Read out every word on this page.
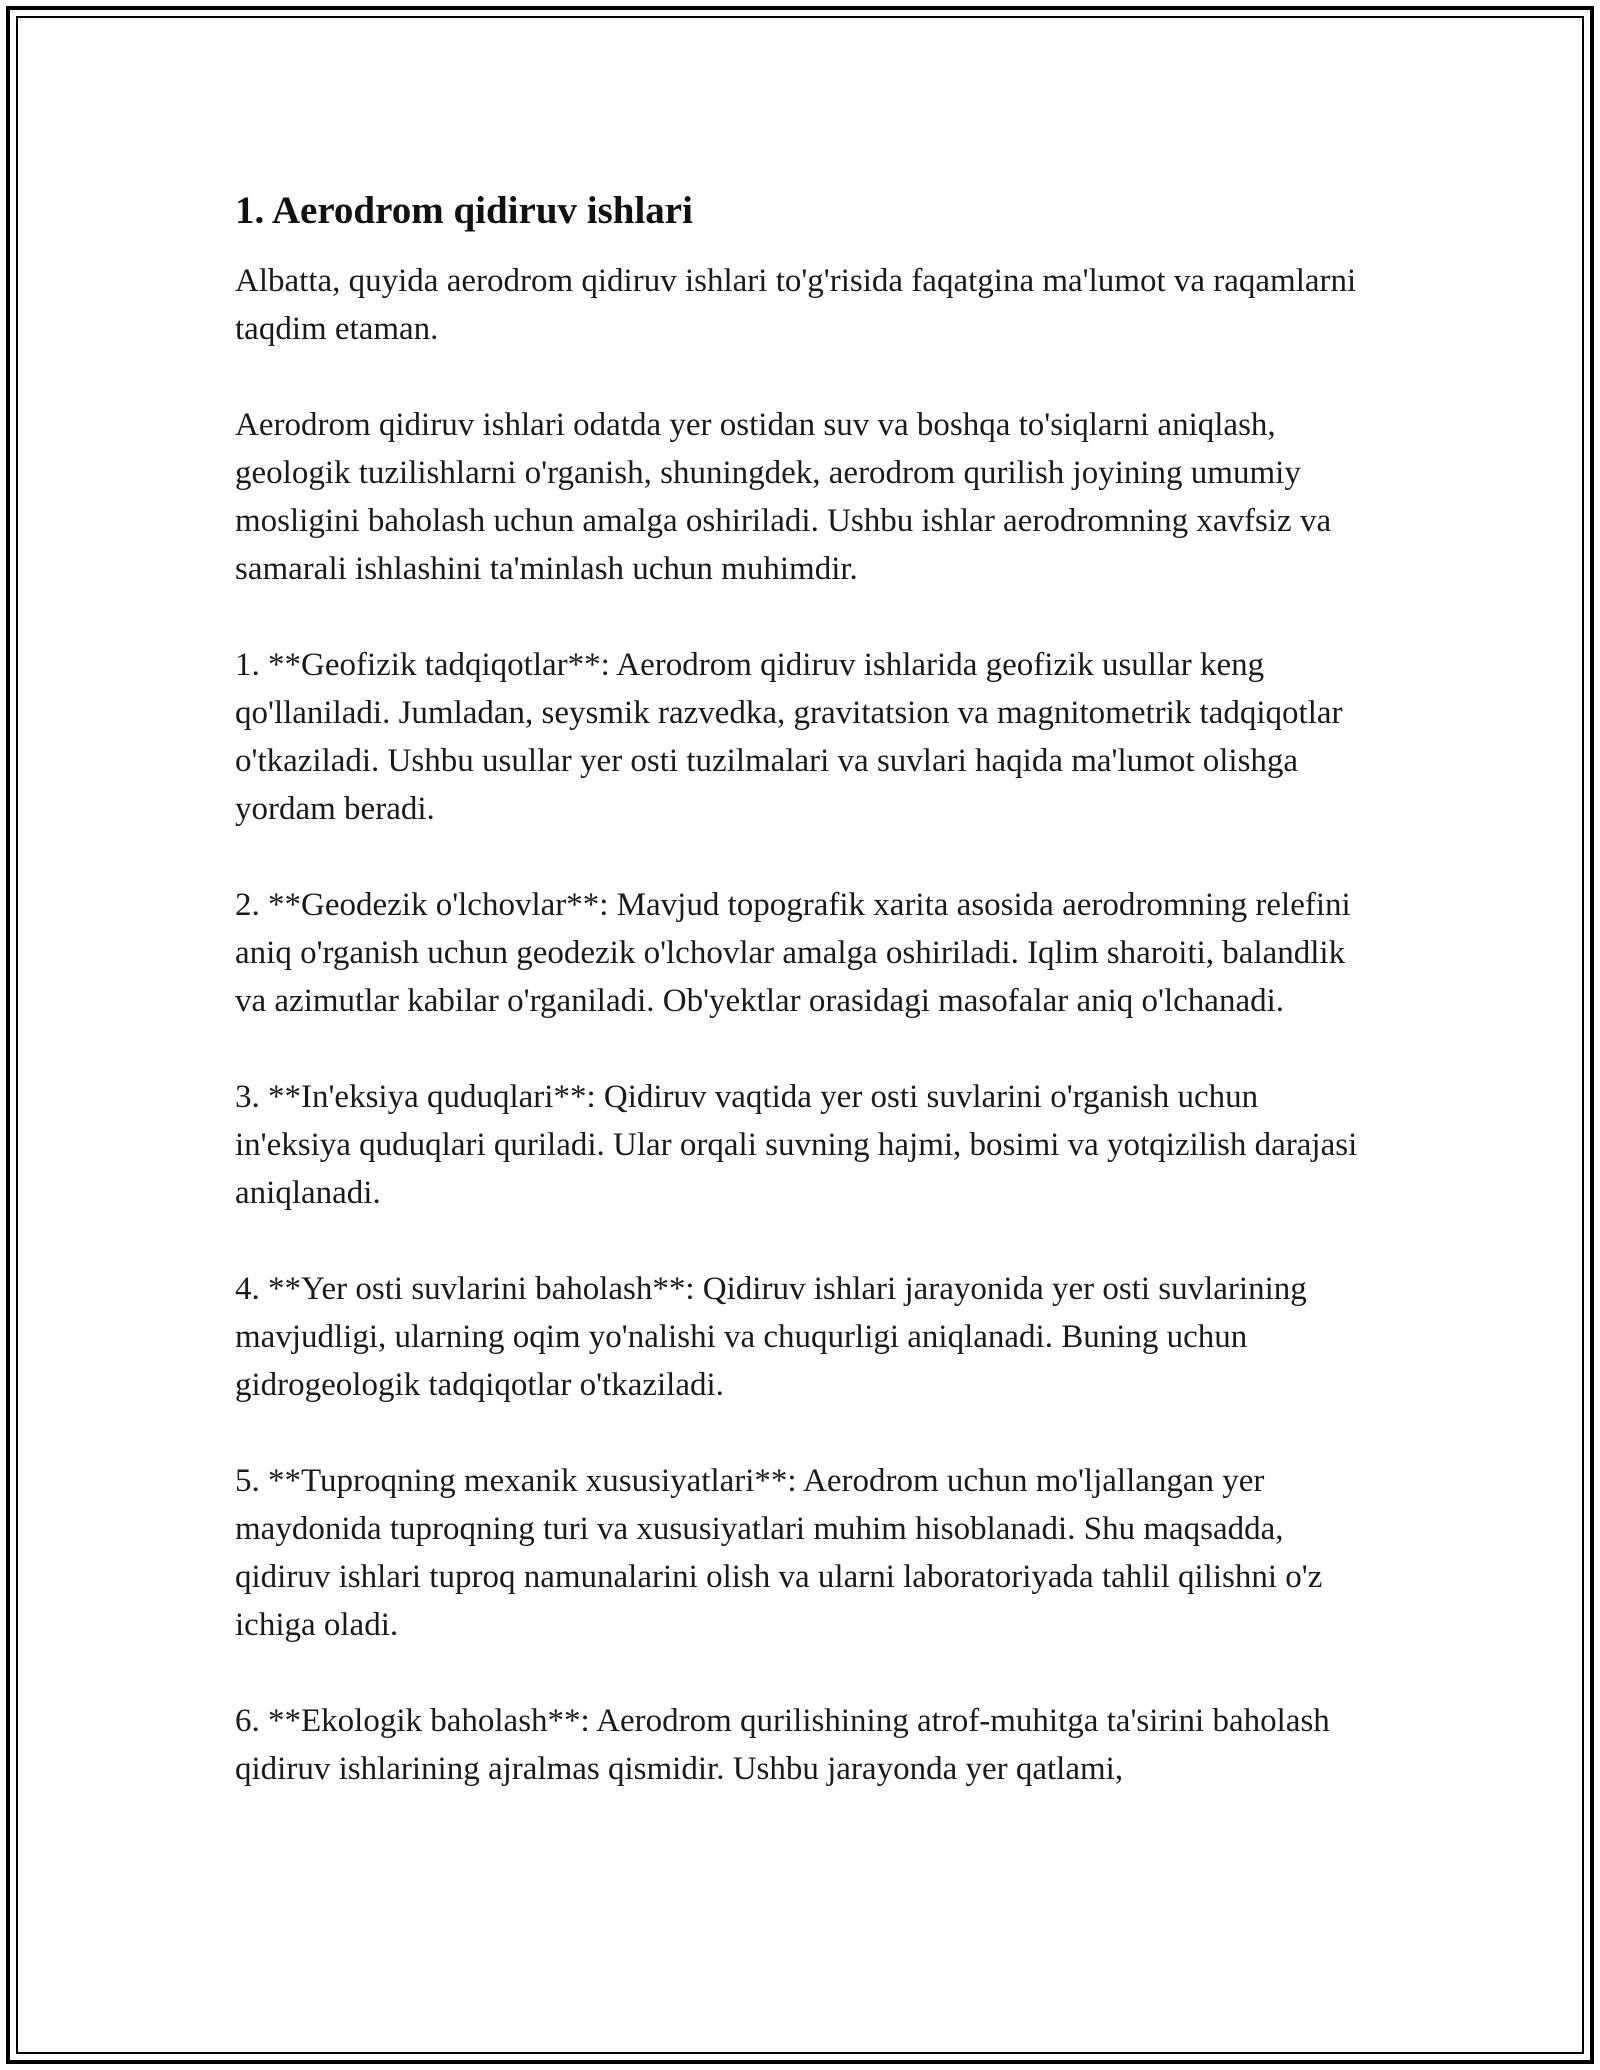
1. Aerodrom qidiruv ishlari

Albatta, quyida aerodrom qidiruv ishlari to'g'risida faqatgina ma'lumot va raqamlarni taqdim etaman.

Aerodrom qidiruv ishlari odatda yer ostidan suv va boshqa to'siqlarni aniqlash, geologik tuzilishlarni o'rganish, shuningdek, aerodrom qurilish joyining umumiy mosligini baholash uchun amalga oshiriladi. Ushbu ishlar aerodromning xavfsiz va samarali ishlashini ta'minlash uchun muhimdir.

1. **Geofizik tadqiqotlar**: Aerodrom qidiruv ishlarida geofizik usullar keng qo'llaniladi. Jumladan, seysmik razvedka, gravitatsion va magnitometrik tadqiqotlar o'tkaziladi. Ushbu usullar yer osti tuzilmalari va suvlari haqida ma'lumot olishga yordam beradi.

2. **Geodezik o'lchovlar**: Mavjud topografik xarita asosida aerodromning relefini aniq o'rganish uchun geodezik o'lchovlar amalga oshiriladi. Iqlim sharoiti, balandlik va azimutlar kabilar o'rganiladi. Ob'yektlar orasidagi masofalar aniq o'lchanadi.

3. **In'eksiya quduqlari**: Qidiruv vaqtida yer osti suvlarini o'rganish uchun in'eksiya quduqlari quriladi. Ular orqali suvning hajmi, bosimi va yotqizilish darajasi aniqlanadi.

4. **Yer osti suvlarini baholash**: Qidiruv ishlari jarayonida yer osti suvlarining mavjudligi, ularning oqim yo'nalishi va chuqurligi aniqlanadi. Buning uchun gidrogeologik tadqiqotlar o'tkaziladi.

5. **Tuproqning mexanik xususiyatlari**: Aerodrom uchun mo'ljallangan yer maydonida tuproqning turi va xususiyatlari muhim hisoblanadi. Shu maqsadda, qidiruv ishlari tuproq namunalarini olish va ularni laboratoriyada tahlil qilishni o'z ichiga oladi.

6. **Ekologik baholash**: Aerodrom qurilishining atrof-muhitga ta'sirini baholash qidiruv ishlarining ajralmas qismidir. Ushbu jarayonda yer qatlami,
